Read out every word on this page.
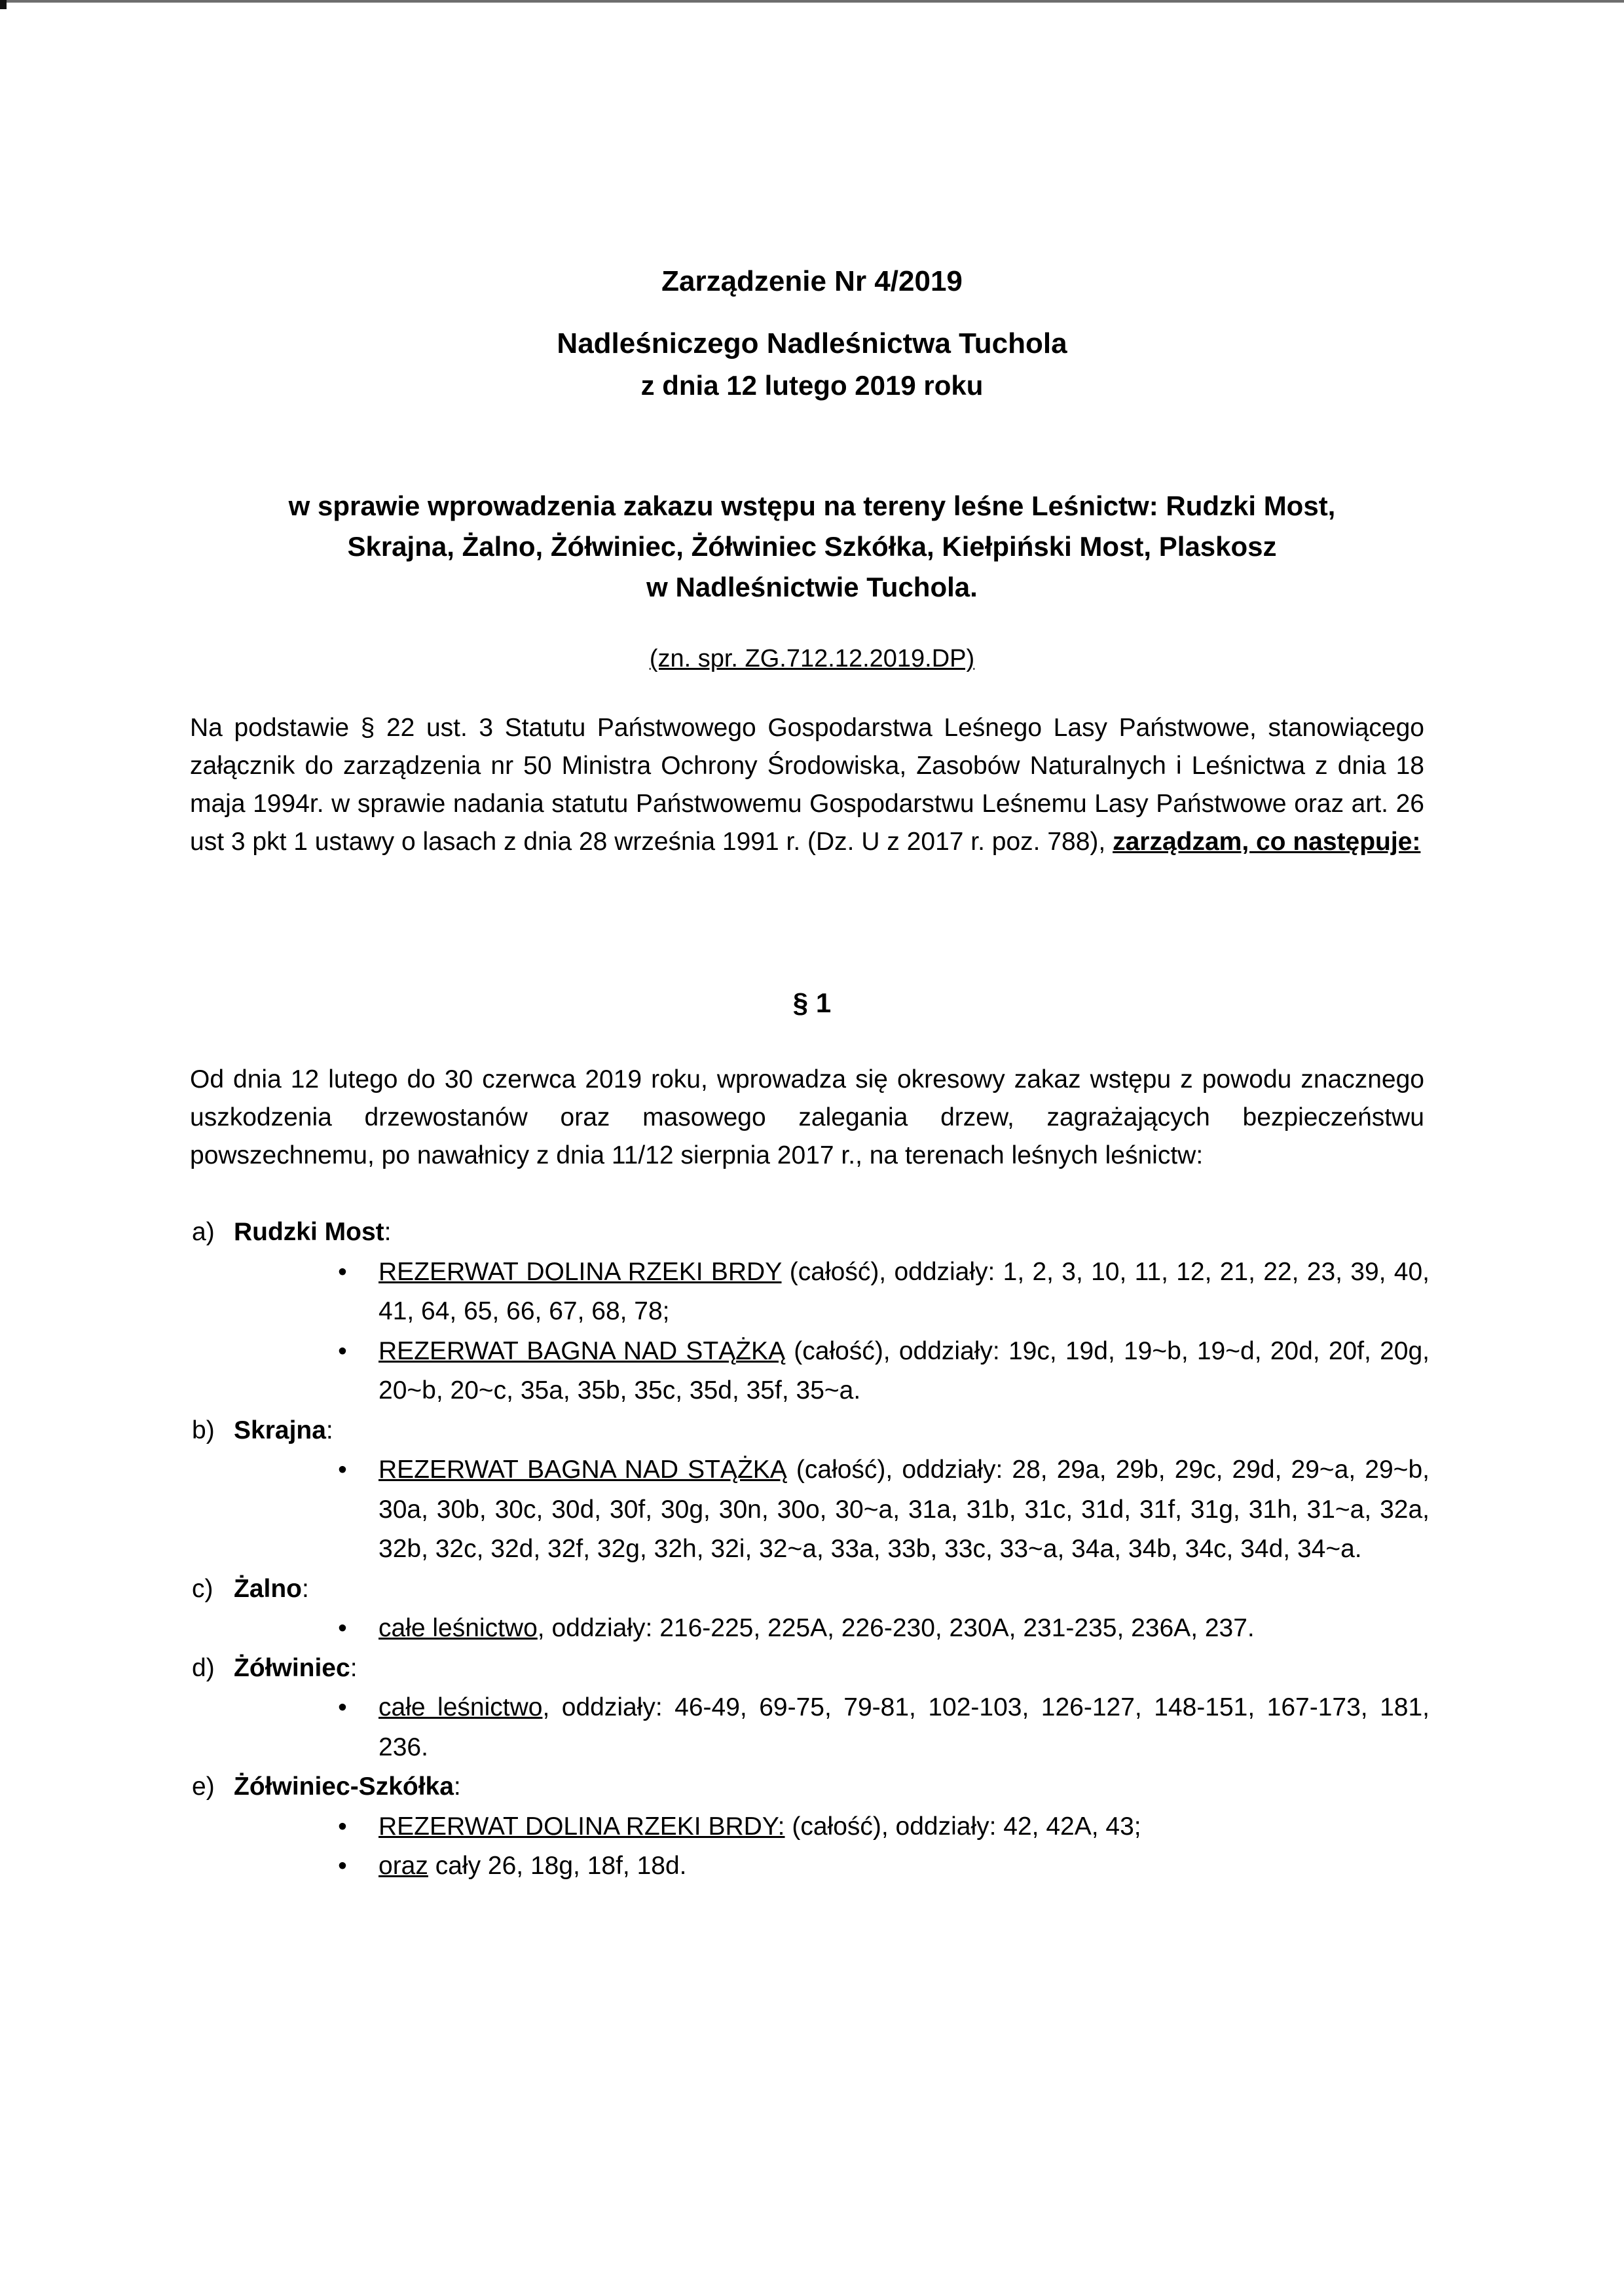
Zarządzenie Nr 4/2019
Nadleśniczego Nadleśnictwa Tuchola
z dnia 12 lutego 2019 roku
w sprawie wprowadzenia zakazu wstępu na tereny leśne Leśnictw: Rudzki Most,
Skrajna, Żalno, Żółwiniec, Żółwiniec Szkółka, Kiełpiński Most, Plaskosz
w Nadleśnictwie Tuchola.
(zn. spr. ZG.712.12.2019.DP)
Na podstawie § 22 ust. 3 Statutu Państwowego Gospodarstwa Leśnego Lasy Państwowe, stanowiącego załącznik do zarządzenia nr 50 Ministra Ochrony Środowiska, Zasobów Naturalnych i Leśnictwa z dnia 18 maja 1994r. w sprawie nadania statutu Państwowemu Gospodarstwu Leśnemu Lasy Państwowe oraz art. 26 ust 3 pkt 1 ustawy o lasach z dnia 28 września 1991 r. (Dz. U z 2017 r. poz. 788), zarządzam, co następuje:
§ 1
Od dnia 12 lutego do 30 czerwca 2019 roku, wprowadza się okresowy zakaz wstępu z powodu znacznego uszkodzenia drzewostanów oraz masowego zalegania drzew, zagrażających bezpieczeństwu powszechnemu, po nawałnicy z dnia 11/12 sierpnia 2017 r., na terenach leśnych leśnictw:
a) Rudzki Most :
•	REZERWAT DOLINA RZEKI BRDY (całość), oddziały: 1, 2, 3, 10, 11, 12, 21, 22, 23, 39, 40, 41, 64, 65, 66, 67, 68, 78;
•	REZERWAT BAGNA NAD STĄŻKĄ (całość), oddziały: 19c, 19d, 19~b, 19~d, 20d, 20f, 20g, 20~b, 20~c, 35a, 35b, 35c, 35d, 35f, 35~a.
b) Skrajna :
•	REZERWAT BAGNA NAD STĄŻKĄ (całość), oddziały: 28, 29a, 29b, 29c, 29d, 29~a, 29~b, 30a, 30b, 30c, 30d, 30f, 30g, 30n, 30o, 30~a, 31a, 31b, 31c, 31d, 31f, 31g, 31h, 31~a, 32a, 32b, 32c, 32d, 32f, 32g, 32h, 32i, 32~a, 33a, 33b, 33c, 33~a, 34a, 34b, 34c, 34d, 34~a.
c) Żalno :
•	całe leśnictwo, oddziały: 216-225, 225A, 226-230, 230A, 231-235, 236A, 237.
d) Żółwiniec :
•	całe leśnictwo, oddziały: 46-49, 69-75, 79-81, 102-103, 126-127, 148-151, 167-173, 181, 236.
e) Żółwiniec-Szkółka :
•	REZERWAT DOLINA RZEKI BRDY: (całość), oddziały: 42, 42A, 43;
•	oraz cały 26, 18g, 18f, 18d.
